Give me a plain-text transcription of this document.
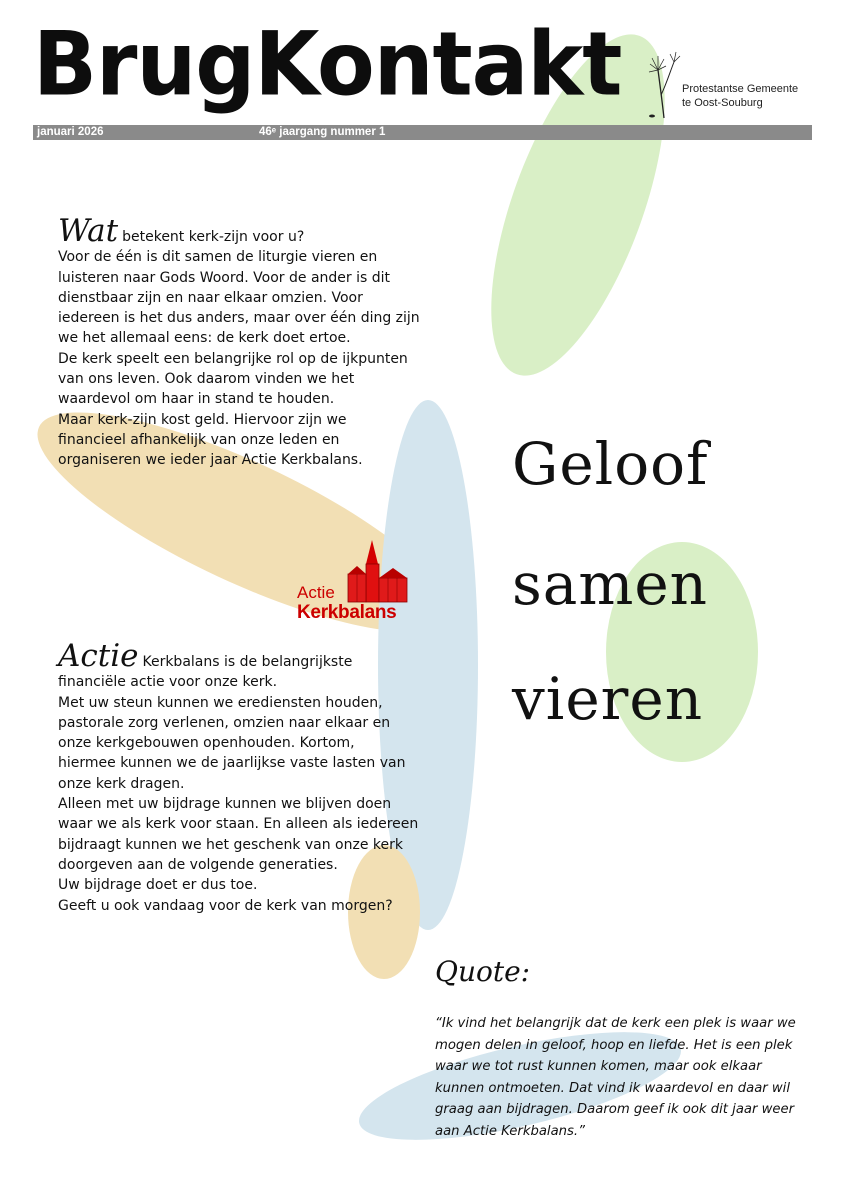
BrugKontakt	Protestantse Gemeente
te Oost-Souburg
januari 2026	46ᵉ jaargang nummer 1
Wat betekent kerk-zijn voor u?
Voor de één is dit samen de liturgie vieren en
luisteren naar Gods Woord. Voor de ander is dit
dienstbaar zijn en naar elkaar omzien. Voor
iedereen is het dus anders, maar over één ding zijn
we het allemaal eens: de kerk doet ertoe.
De kerk speelt een belangrijke rol op de ijkpunten
van ons leven. Ook daarom vinden we het
waardevol om haar in stand te houden.
Maar kerk-zijn kost geld. Hiervoor zijn we
financieel afhankelijk van onze leden en
organiseren we ieder jaar Actie Kerkbalans.
Actie
Kerkbalans
Geloof
samen
vieren
Actie Kerkbalans is de belangrijkste
financiële actie voor onze kerk.
Met uw steun kunnen we erediensten houden,
pastorale zorg verlenen, omzien naar elkaar en
onze kerkgebouwen openhouden. Kortom,
hiermee kunnen we de jaarlijkse vaste lasten van
onze kerk dragen.
Alleen met uw bijdrage kunnen we blijven doen
waar we als kerk voor staan. En alleen als iedereen
bijdraagt kunnen we het geschenk van onze kerk
doorgeven aan de volgende generaties.
Uw bijdrage doet er dus toe.
Geeft u ook vandaag voor de kerk van morgen?
Quote:
“Ik vind het belangrijk dat de kerk een plek is waar we
mogen delen in geloof, hoop en liefde. Het is een plek
waar we tot rust kunnen komen, maar ook elkaar
kunnen ontmoeten. Dat vind ik waardevol en daar wil
graag aan bijdragen. Daarom geef ik ook dit jaar weer
aan Actie Kerkbalans.”
